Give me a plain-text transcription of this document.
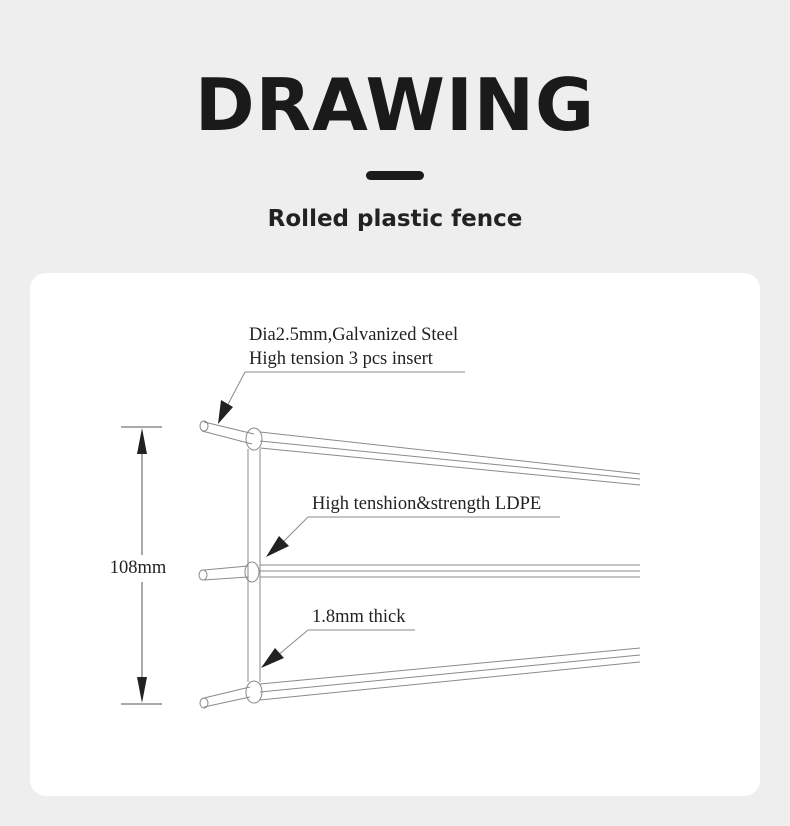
DRAWING
Rolled plastic fence
108mm
Dia2.5mm,Galvanized Steel
High tension 3 pcs insert
High tenshion&strength LDPE
1.8mm thick
